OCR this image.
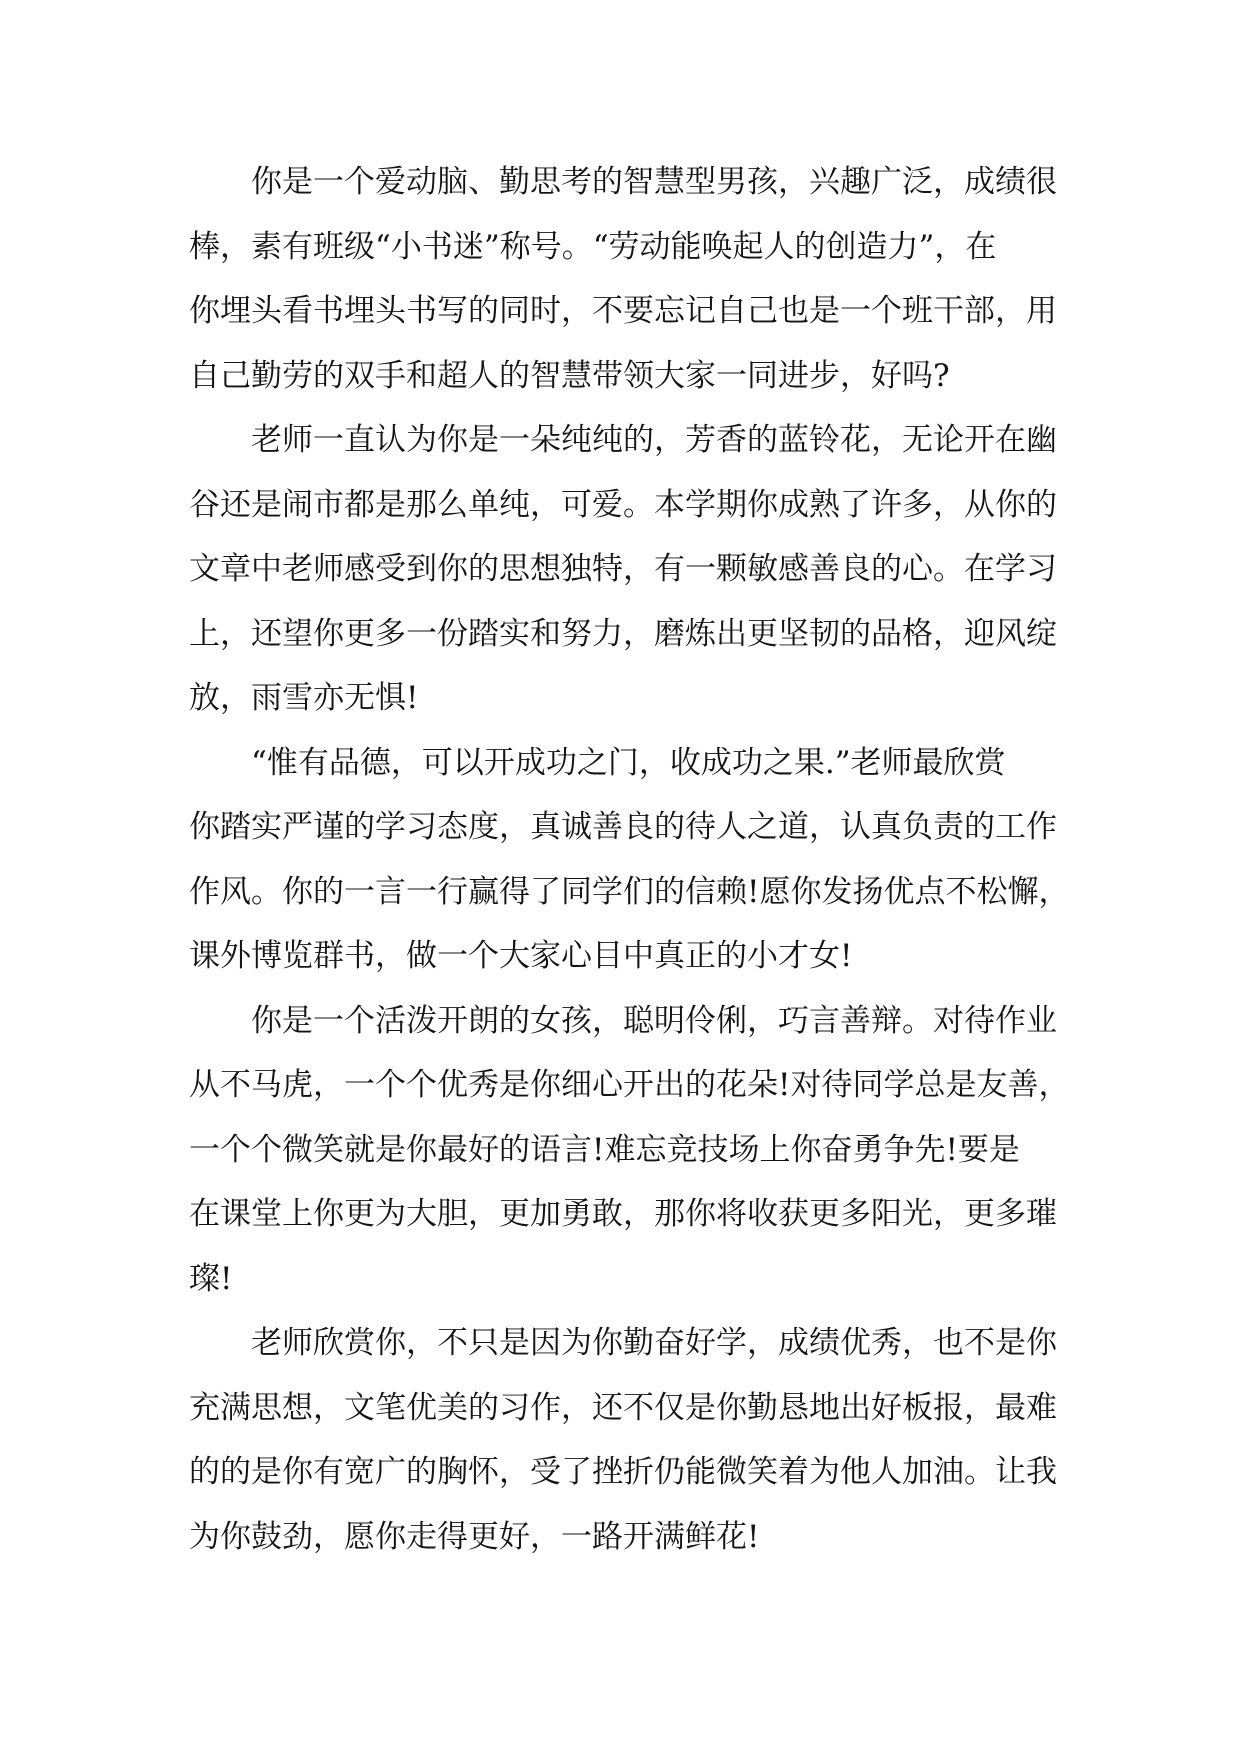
你是一个爱动脑、勤思考的智慧型男孩，兴趣广泛，成绩很
棒，素有班级“小书迷”称号。“劳动能唤起人的创造力”，在
你埋头看书埋头书写的同时，不要忘记自己也是一个班干部，用
自己勤劳的双手和超人的智慧带领大家一同进步，好吗?
老师一直认为你是一朵纯纯的，芳香的蓝铃花，无论开在幽
谷还是闹市都是那么单纯，可爱。本学期你成熟了许多，从你的
文章中老师感受到你的思想独特，有一颗敏感善良的心。在学习
上，还望你更多一份踏实和努力，磨炼出更坚韧的品格，迎风绽
放，雨雪亦无惧!
“惟有品德，可以开成功之门，收成功之果.”老师最欣赏
你踏实严谨的学习态度，真诚善良的待人之道，认真负责的工作
作风。你的一言一行赢得了同学们的信赖!愿你发扬优点不松懈，
课外博览群书，做一个大家心目中真正的小才女!
你是一个活泼开朗的女孩，聪明伶俐，巧言善辩。对待作业
从不马虎，一个个优秀是你细心开出的花朵!对待同学总是友善，
一个个微笑就是你最好的语言!难忘竞技场上你奋勇争先!要是
在课堂上你更为大胆，更加勇敢，那你将收获更多阳光，更多璀
璨!
老师欣赏你，不只是因为你勤奋好学，成绩优秀，也不是你
充满思想，文笔优美的习作，还不仅是你勤恳地出好板报，最难
的的是你有宽广的胸怀，受了挫折仍能微笑着为他人加油。让我
为你鼓劲，愿你走得更好，一路开满鲜花!
